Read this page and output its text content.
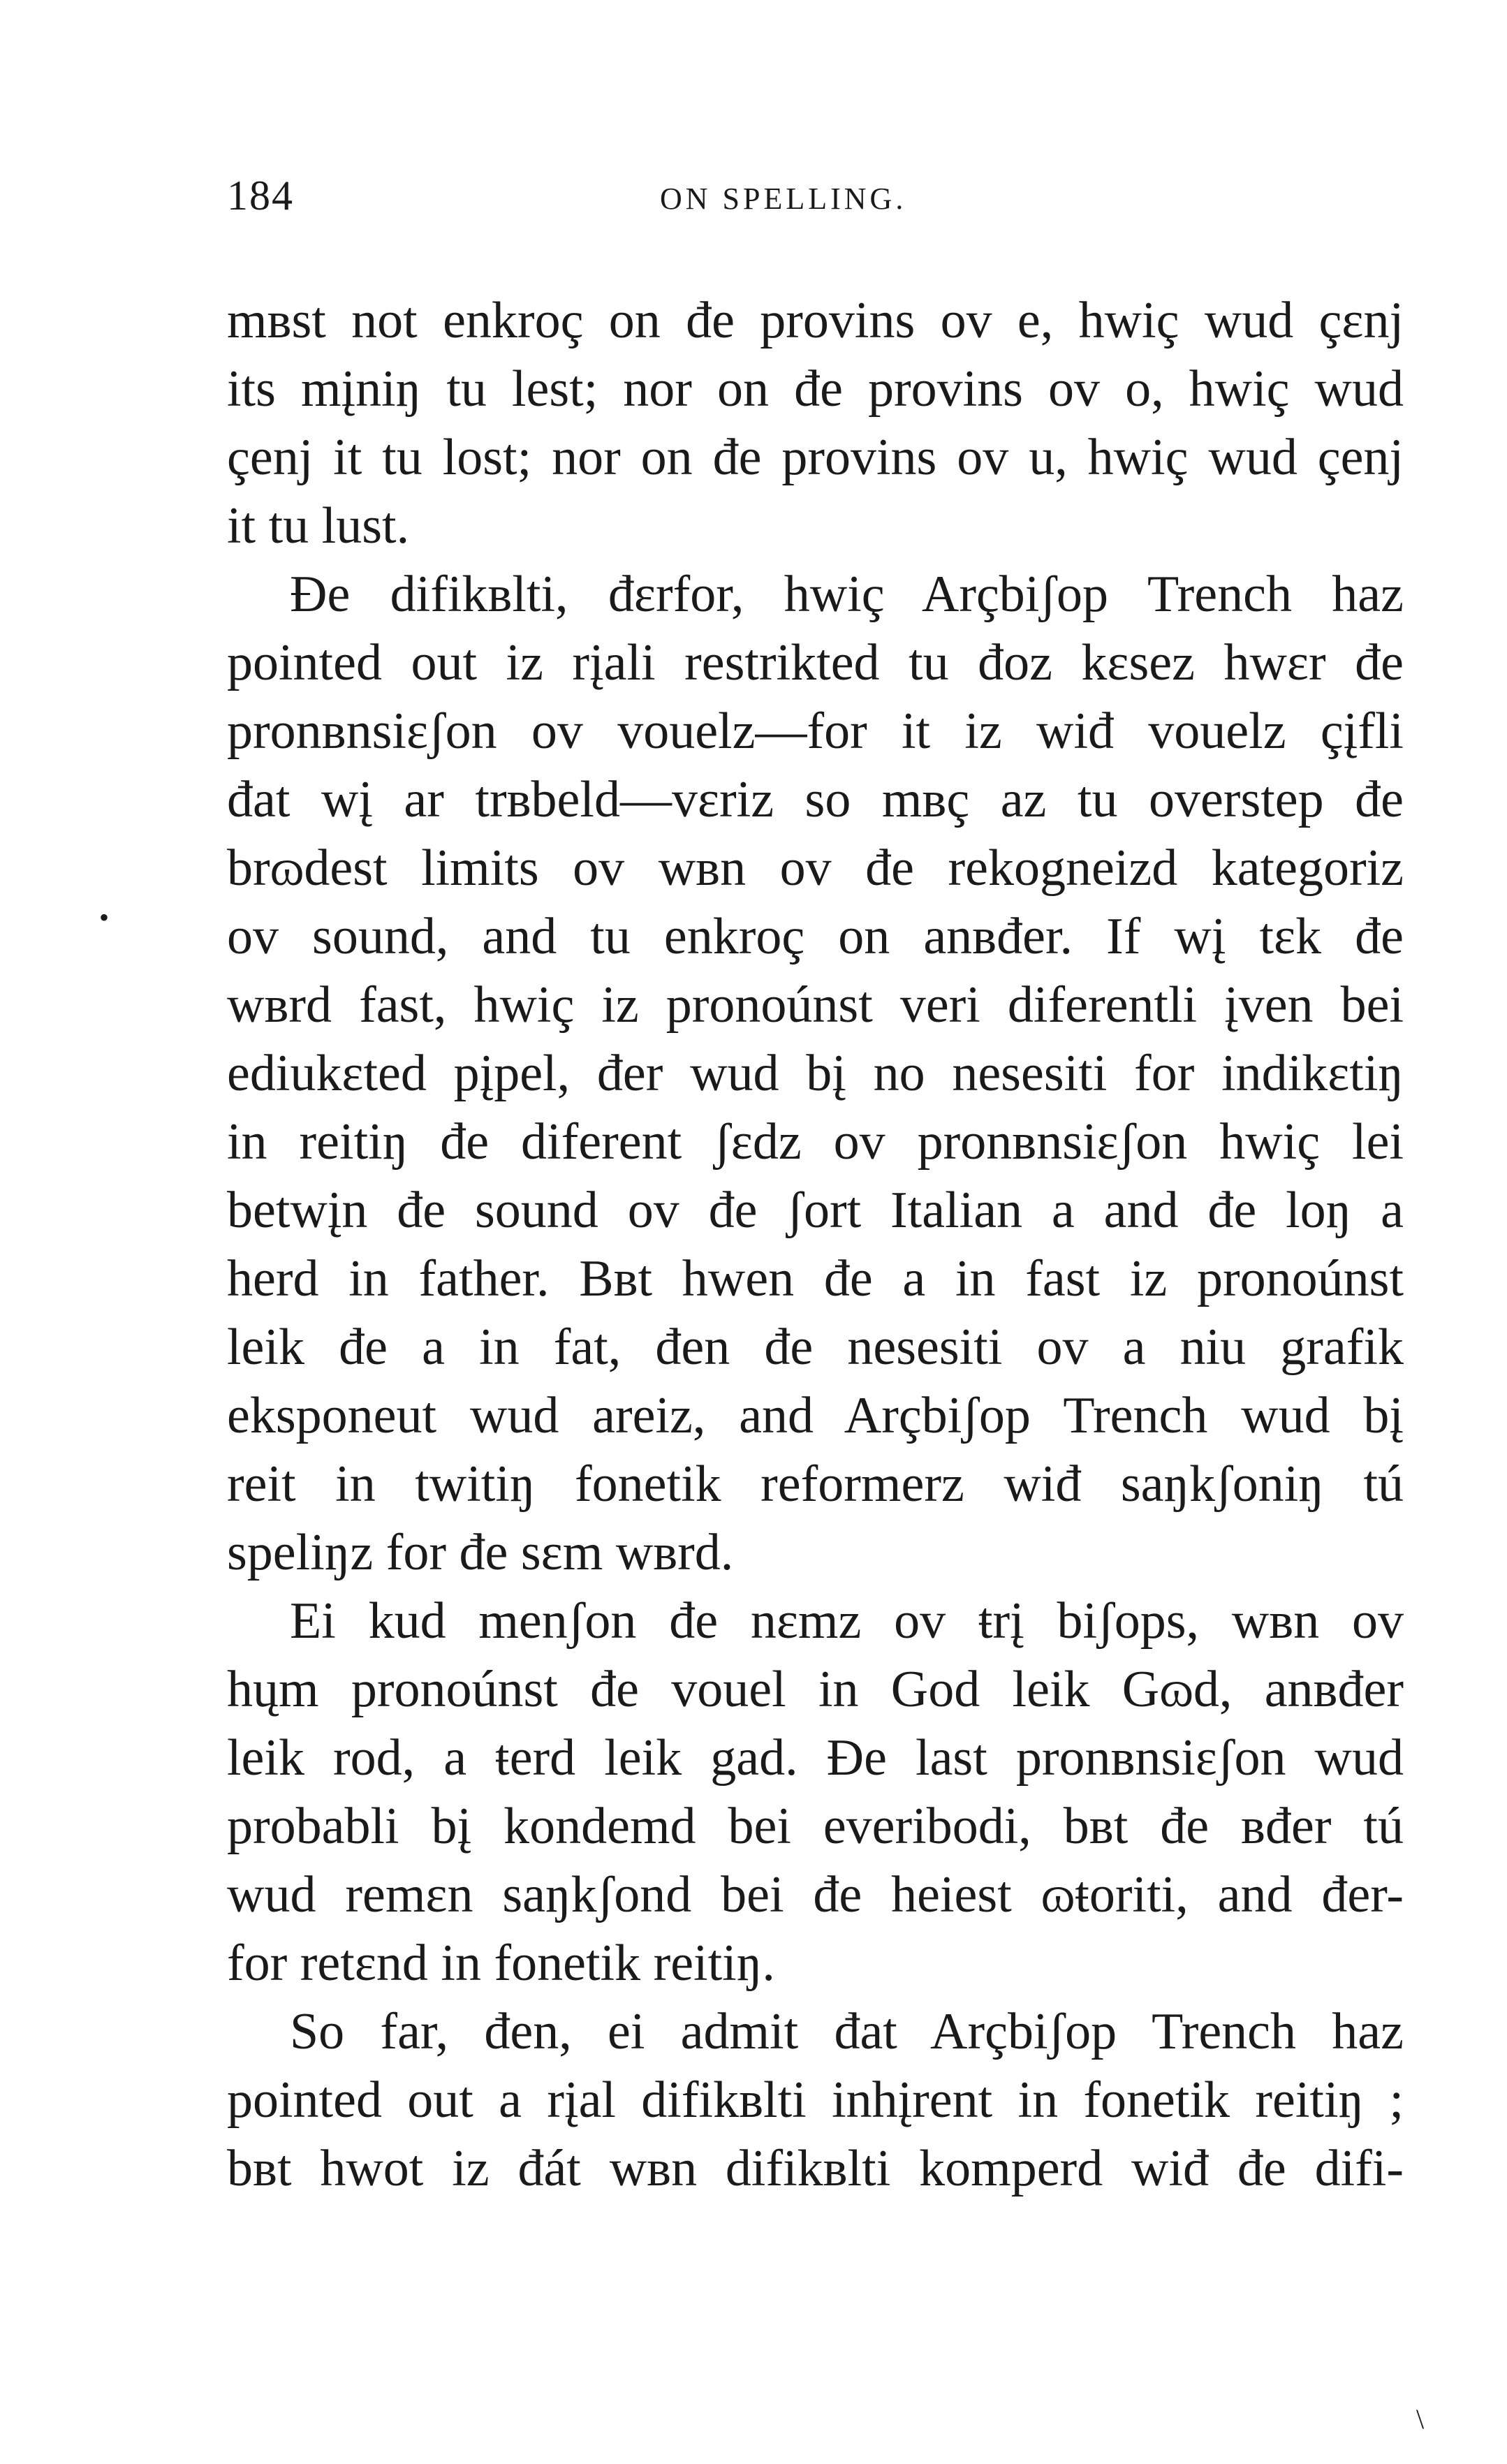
184	ON SPELLING.
mвst not enkroç on đe provins ov e, hwiç wud çɛnj
its mįniŋ tu lest; nor on đe provins ov o, hwiç wud
çenj it tu lost; nor on đe provins ov u, hwiç wud çenj
it tu lust.
Đe difikвlti, đɛrfor, hwiç Arçbiʃop Trench haz
pointed out iz rįali restrikted tu đoz kɛsez hwɛr đe
pronвnsiɛʃon ov vouelz—for it iz wiđ vouelz çįfli
đat wį ar trвbeld—vɛriz so mвç az tu overstep đe
brɷdest limits ov wвn ov đe rekogneizd kategoriz
ov sound, and tu enkroç on anвđer. If wį tɛk đe
wвrd fast, hwiç iz pronoúnst veri diferentli įven bei
ediukɛted pįpel, đer wud bį no nesesiti for indikɛtiŋ
in reitiŋ đe diferent ʃɛdz ov pronвnsiɛʃon hwiç lei
betwįn đe sound ov đe ʃort Italian a and đe loŋ a
herd in father. Bвt hwen đe a in fast iz pronoúnst
leik đe a in fat, đen đe nesesiti ov a niu grafik
eksponeut wud areiz, and Arçbiʃop Trench wud bį
reit in twitiŋ fonetik reformerz wiđ saŋkʃoniŋ tú
speliŋz for đe sɛm wвrd.
Ei kud menʃon đe nɛmz ov ŧrį biʃops, wвn ov
hųm pronoúnst đe vouel in God leik Gɷd, anвđer
leik rod, a ŧerd leik gad. Đe last pronвnsiɛʃon wud
probabli bį kondemd bei everibodi, bвt đe вđer tú
wud remɛn saŋkʃond bei đe heiest ɷŧoriti, and đer-
for retɛnd in fonetik reitiŋ.
So far, đen, ei admit đat Arçbiʃop Trench haz
pointed out a rįal difikвlti inhįrent in fonetik reitiŋ ;
bвt hwot iz đát wвn difikвlti komperd wiđ đe difi-
•
\
